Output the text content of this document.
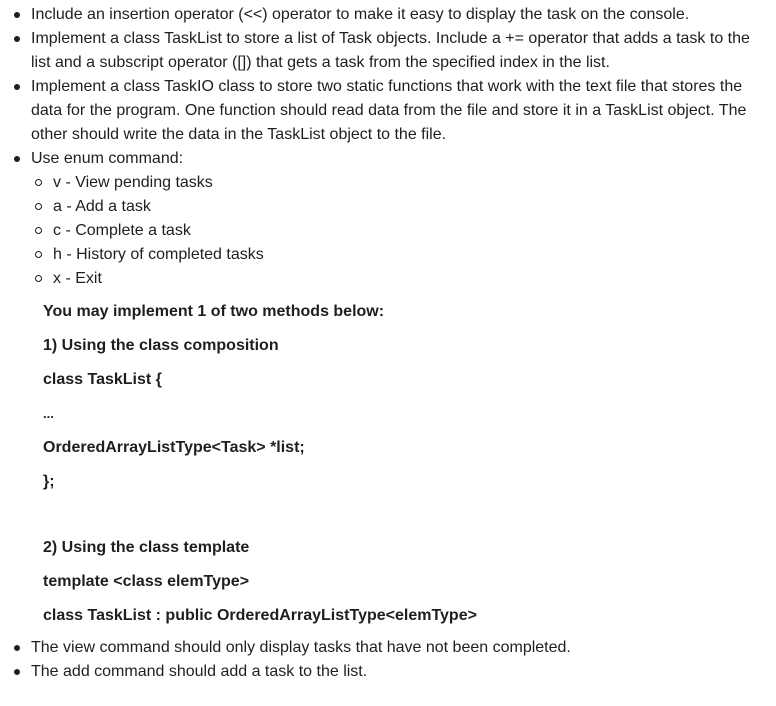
Include an insertion operator (<<) operator to make it easy to display the task on the console.
Implement a class TaskList to store a list of Task objects. Include a += operator that adds a task to the list and a subscript operator ([]) that gets a task from the specified index in the list.
Implement a class TaskIO class to store two static functions that work with the text file that stores the data for the program. One function should read data from the file and store it in a TaskList object. The other should write the data in the TaskList object to the file.
Use enum command:
v - View pending tasks
a - Add a task
c - Complete a task
h - History of completed tasks
x - Exit
You may implement 1 of two methods below:
1) Using the class composition
class TaskList {
...
OrderedArrayListType<Task> *list;
};
2) Using the class template
template <class elemType>
class TaskList : public OrderedArrayListType<elemType>
The view command should only display tasks that have not been completed.
The add command should add a task to the list.
